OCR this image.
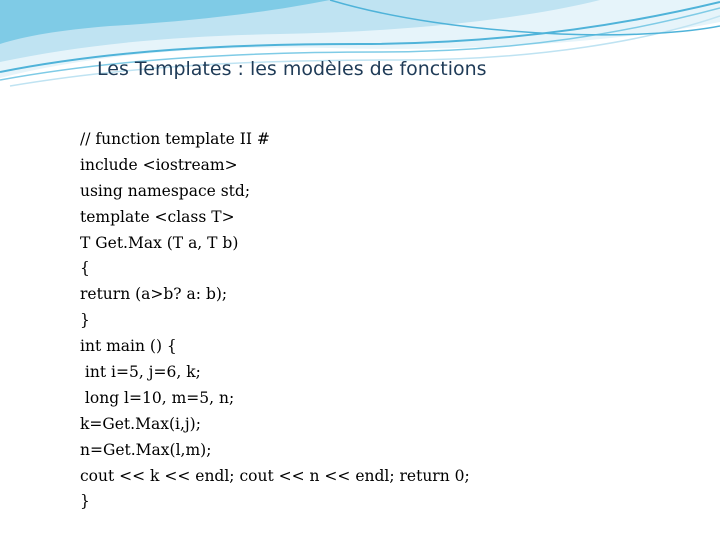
Les Templates : les modèles de fonctions
// function template II #
include <iostream>
using namespace std;
template <class T>
T Get.Max (T a, T b)
{
return (a>b? a: b);
}
int main () {
int i=5, j=6, k;
long l=10, m=5, n;
k=Get.Max(i,j);
n=Get.Max(l,m);
cout << k << endl; cout << n << endl; return 0;
}
